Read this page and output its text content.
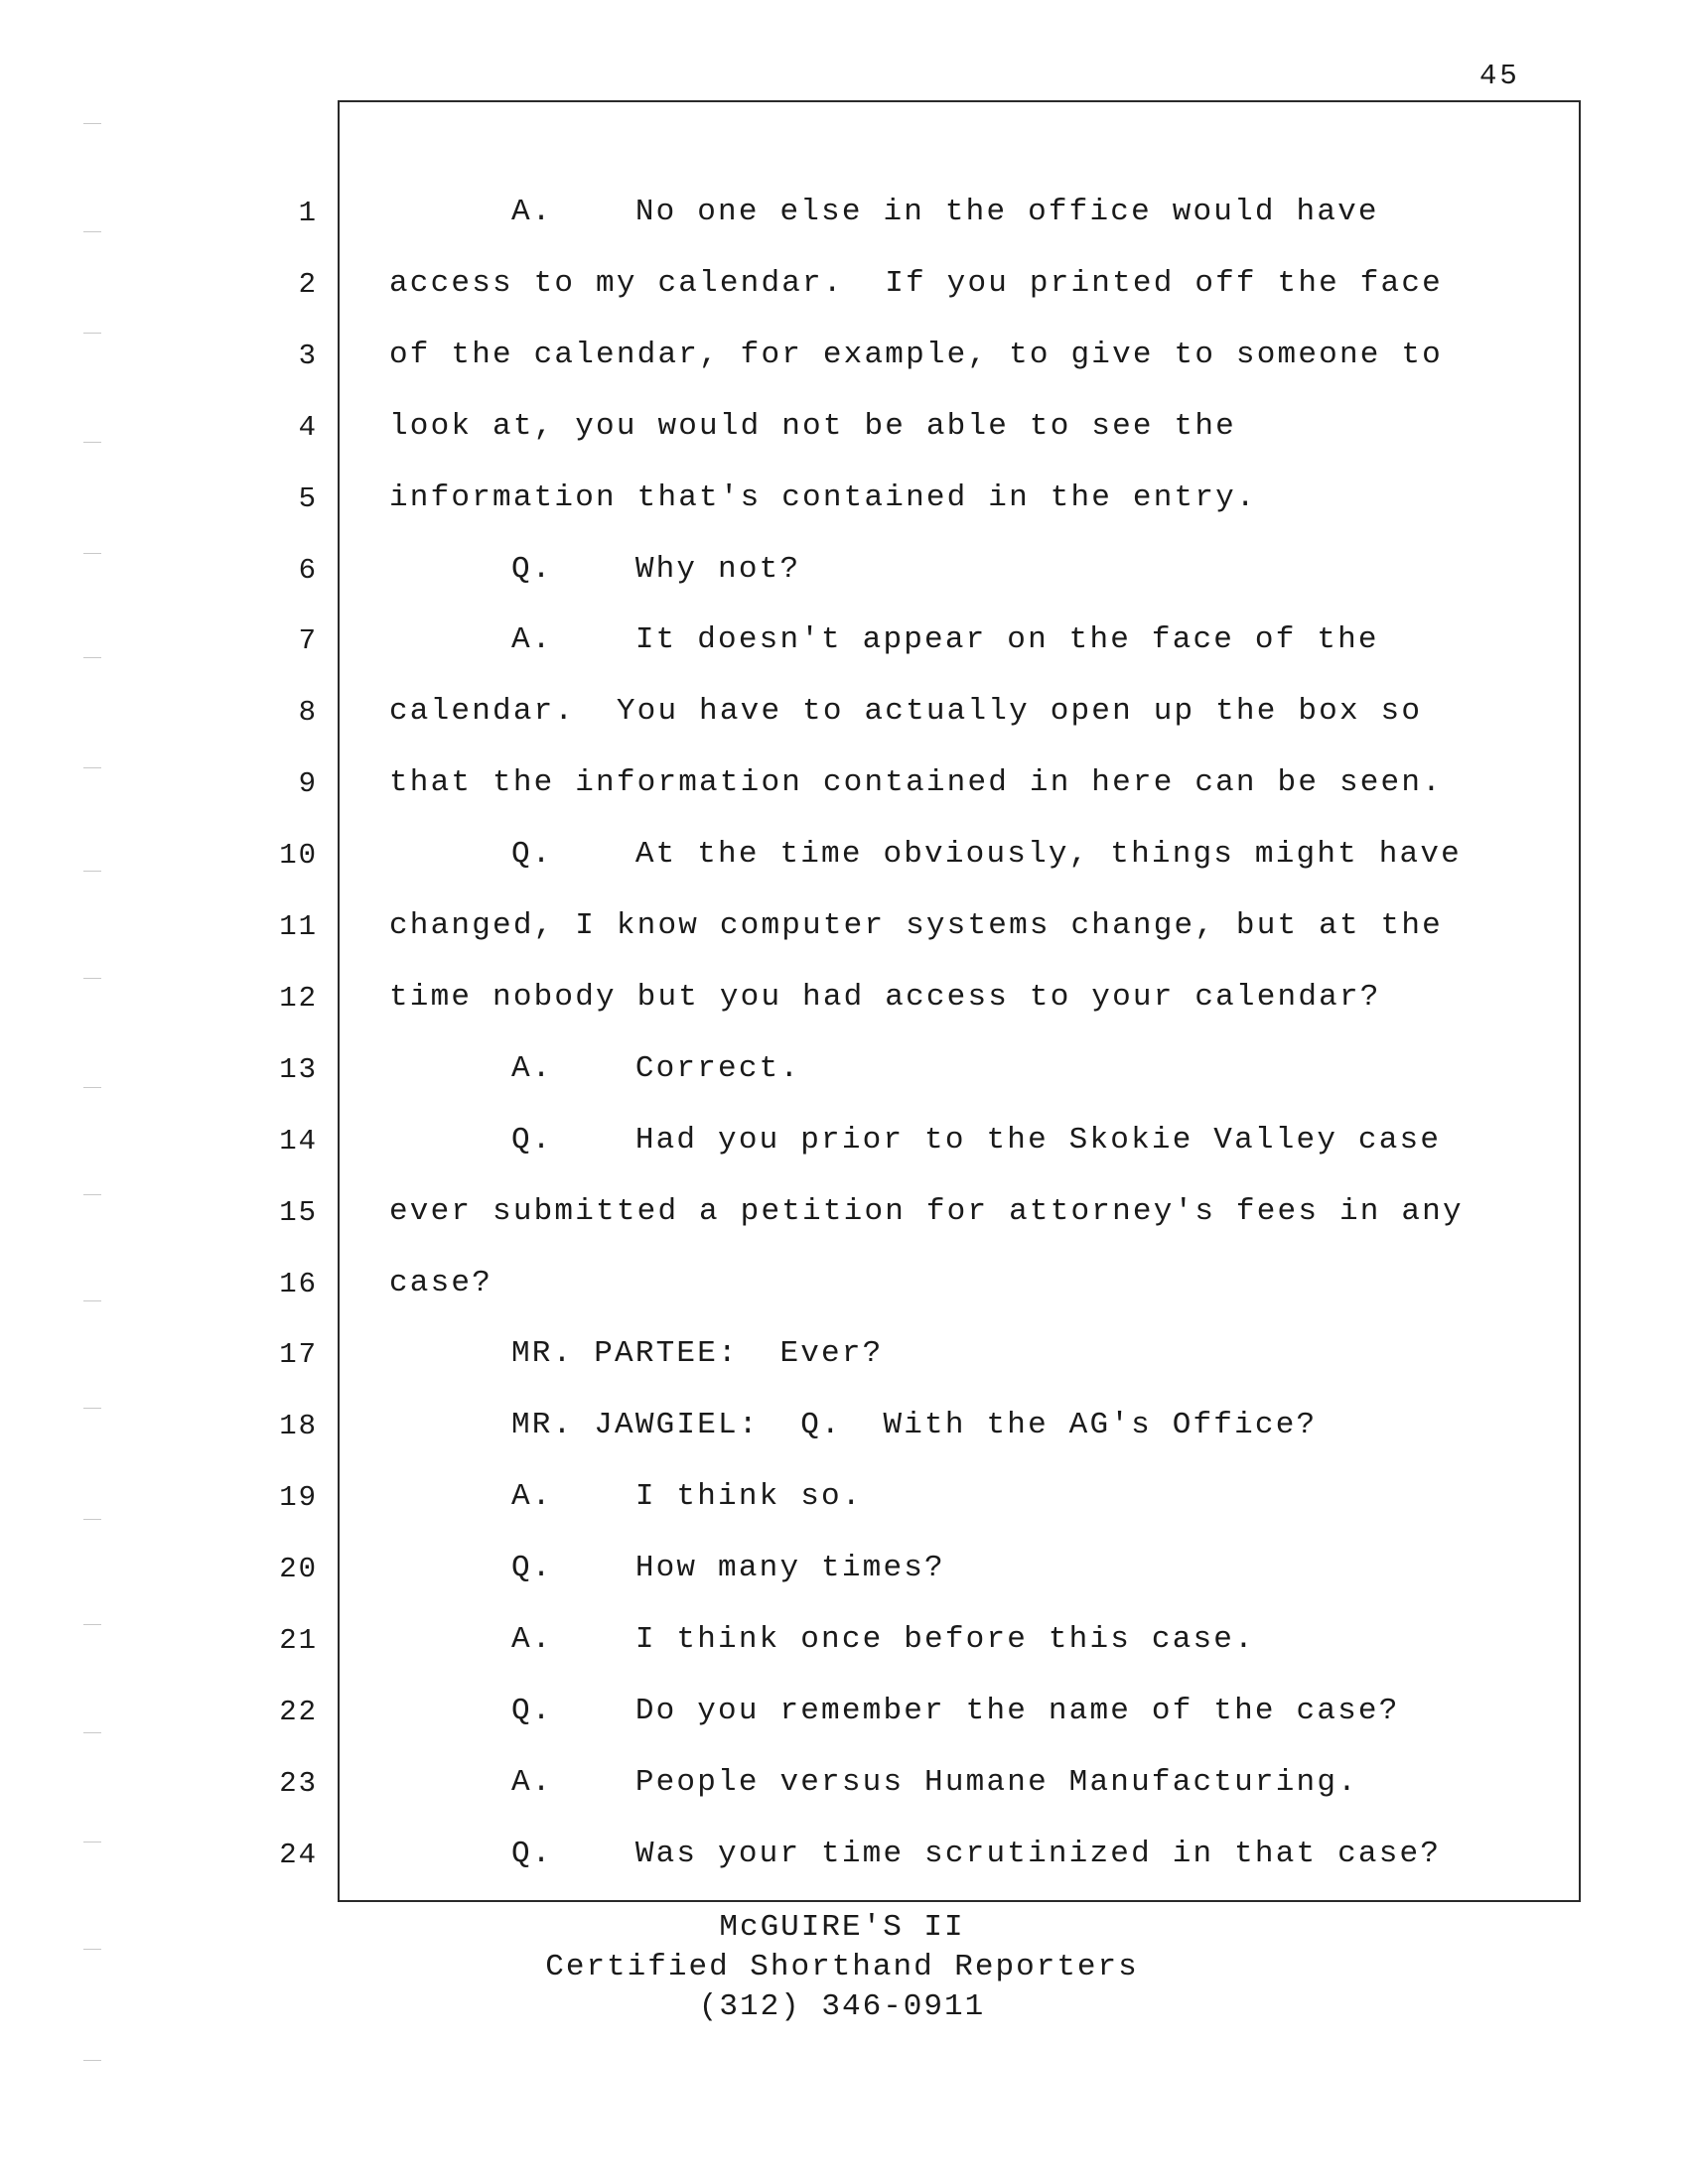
45
1	A.    No one else in the office would have
2 access to my calendar.  If you printed off the face
3 of the calendar, for example, to give to someone to
4 look at, you would not be able to see the
5 information that's contained in the entry.
6	Q.    Why not?
7	A.    It doesn't appear on the face of the
8 calendar.  You have to actually open up the box so
9 that the information contained in here can be seen.
10	Q.    At the time obviously, things might have
11 changed, I know computer systems change, but at the
12 time nobody but you had access to your calendar?
13	A.    Correct.
14	Q.    Had you prior to the Skokie Valley case
15 ever submitted a petition for attorney's fees in any
16 case?
17	MR. PARTEE:  Ever?
18	MR. JAWGIEL:  Q.  With the AG's Office?
19	A.    I think so.
20	Q.    How many times?
21	A.    I think once before this case.
22	Q.    Do you remember the name of the case?
23	A.    People versus Humane Manufacturing.
24	Q.    Was your time scrutinized in that case?
McGUIRE'S II
Certified Shorthand Reporters
(312) 346-0911
